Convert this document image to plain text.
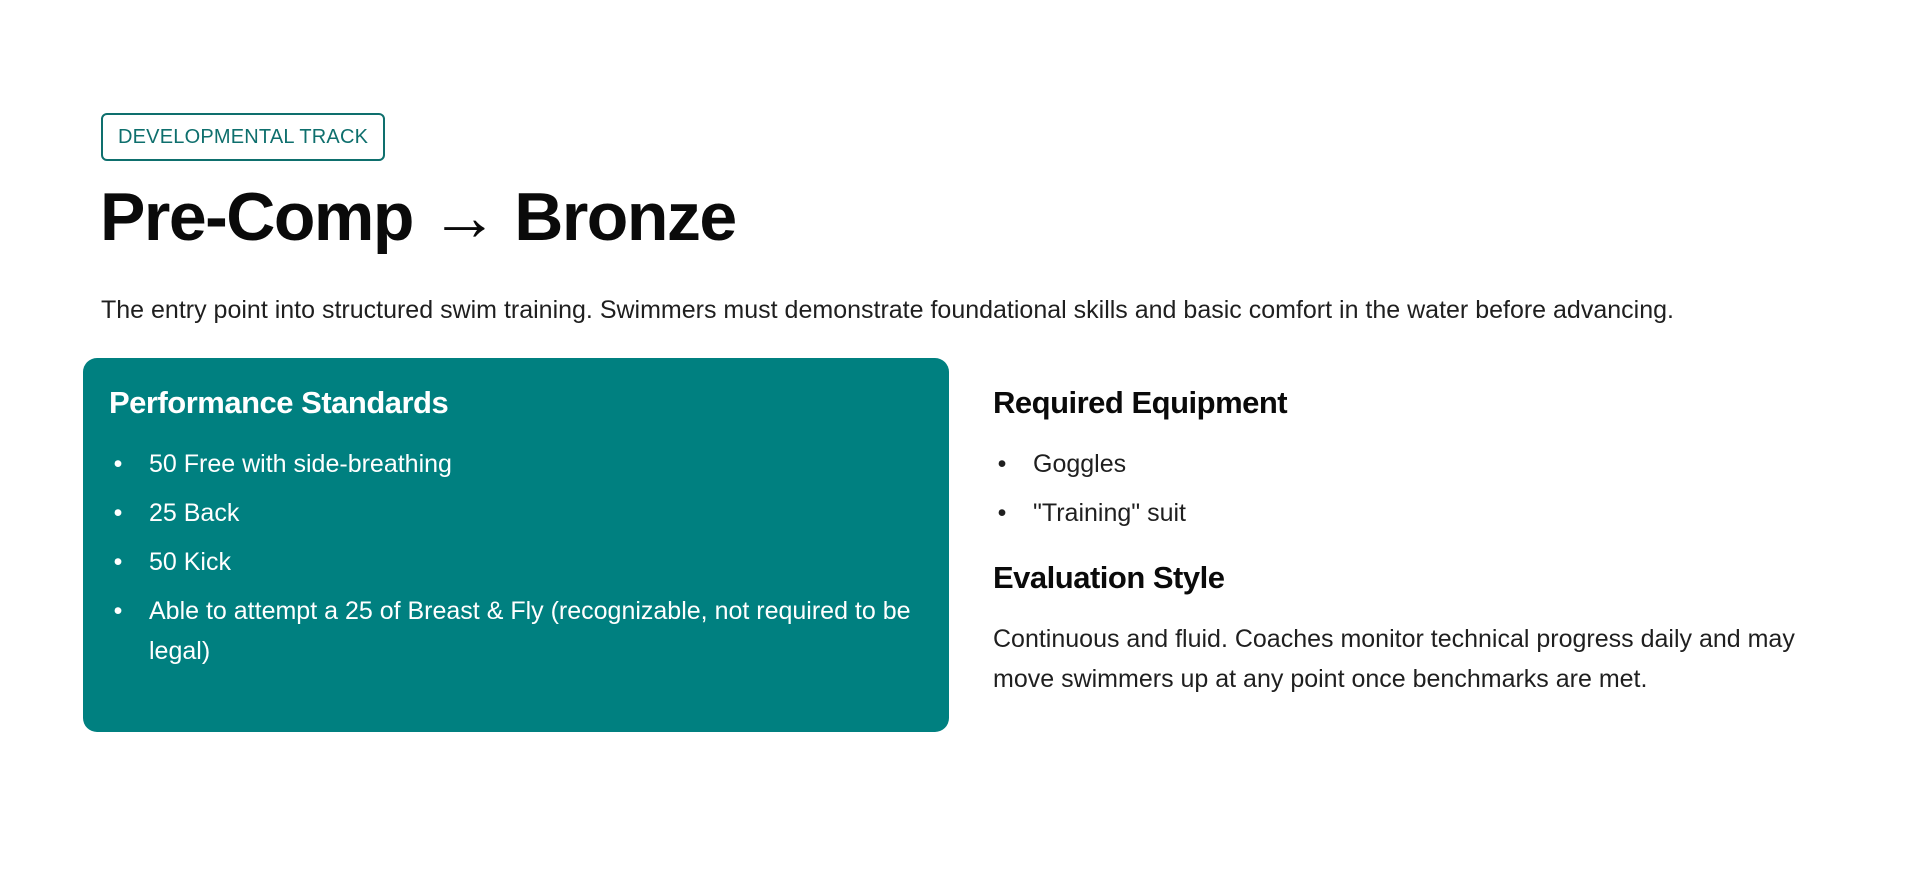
DEVELOPMENTAL TRACK
Pre-Comp → Bronze

The entry point into structured swim training. Swimmers must demonstrate foundational skills and basic comfort in the water before advancing.

Performance Standards
• 50 Free with side-breathing
• 25 Back
• 50 Kick
• Able to attempt a 25 of Breast & Fly (recognizable, not required to be legal)
Required Equipment
• Goggles
• "Training" suit
Evaluation Style

Continuous and fluid. Coaches monitor technical progress daily and may move swimmers up at any point once benchmarks are met.
